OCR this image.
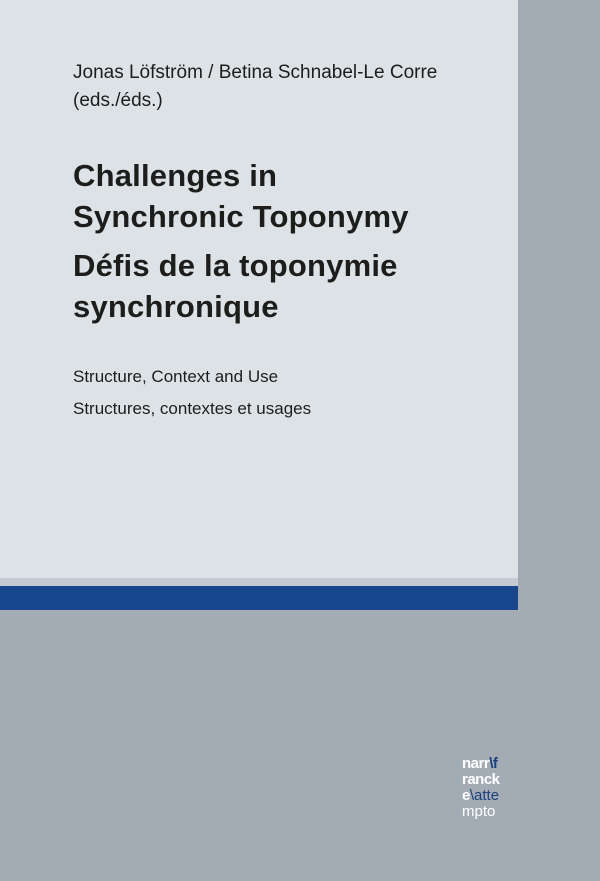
Jonas Löfström / Betina Schnabel-Le Corre
(eds./éds.)
Challenges in
Synchronic Toponymy
Défis de la toponymie
synchronique
Structure, Context and Use
Structures, contextes et usages
narr\f
ranck
e\atte
mpto
